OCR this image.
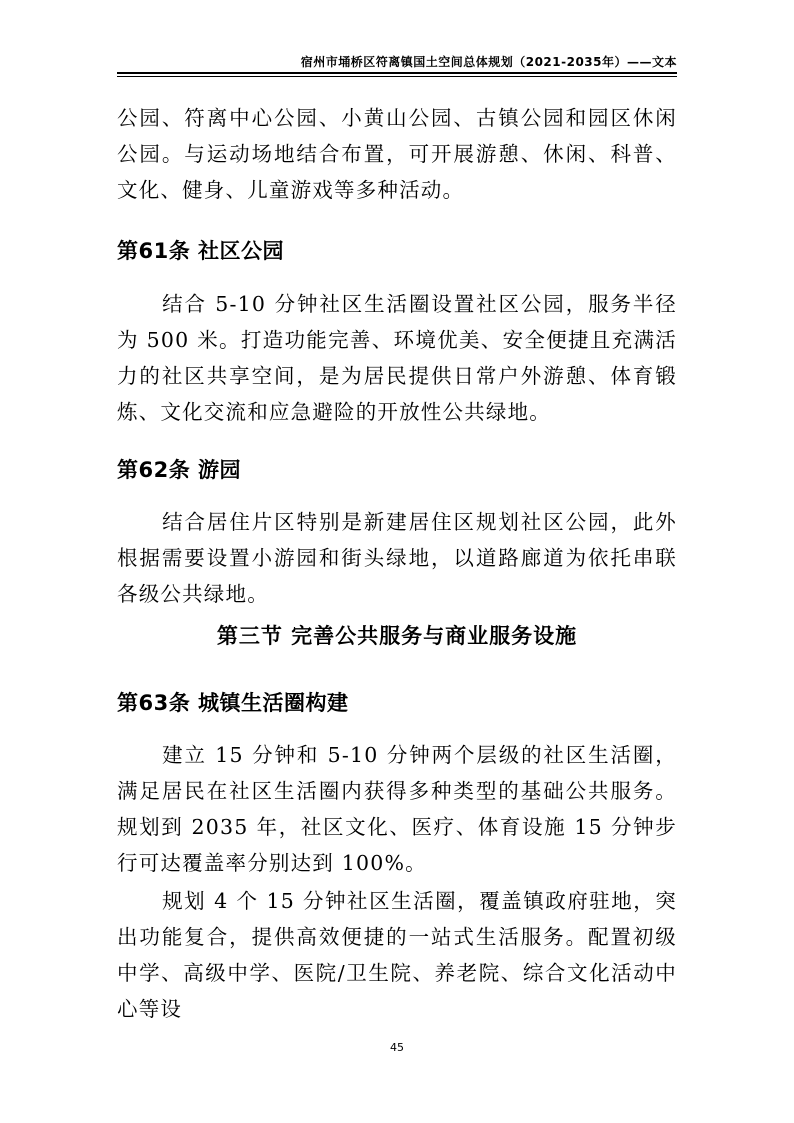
宿州市埇桥区符离镇国土空间总体规划（2021-2035年）——文本

公园、符离中心公园、小黄山公园、古镇公园和园区休闲公园。与运动场地结合布置，可开展游憩、休闲、科普、文化、健身、儿童游戏等多种活动。

第61条 社区公园

结合 5-10 分钟社区生活圈设置社区公园，服务半径为 500 米。打造功能完善、环境优美、安全便捷且充满活力的社区共享空间，是为居民提供日常户外游憩、体育锻炼、文化交流和应急避险的开放性公共绿地。

第62条 游园

结合居住片区特别是新建居住区规划社区公园，此外根据需要设置小游园和街头绿地，以道路廊道为依托串联各级公共绿地。

第三节 完善公共服务与商业服务设施
第63条 城镇生活圈构建

建立 15 分钟和 5-10 分钟两个层级的社区生活圈，满足居民在社区生活圈内获得多种类型的基础公共服务。规划到 2035 年，社区文化、医疗、体育设施 15 分钟步行可达覆盖率分别达到 100%。

规划 4 个 15 分钟社区生活圈，覆盖镇政府驻地，突出功能复合，提供高效便捷的一站式生活服务。配置初级中学、高级中学、医院/卫生院、养老院、综合文化活动中心等设

45
